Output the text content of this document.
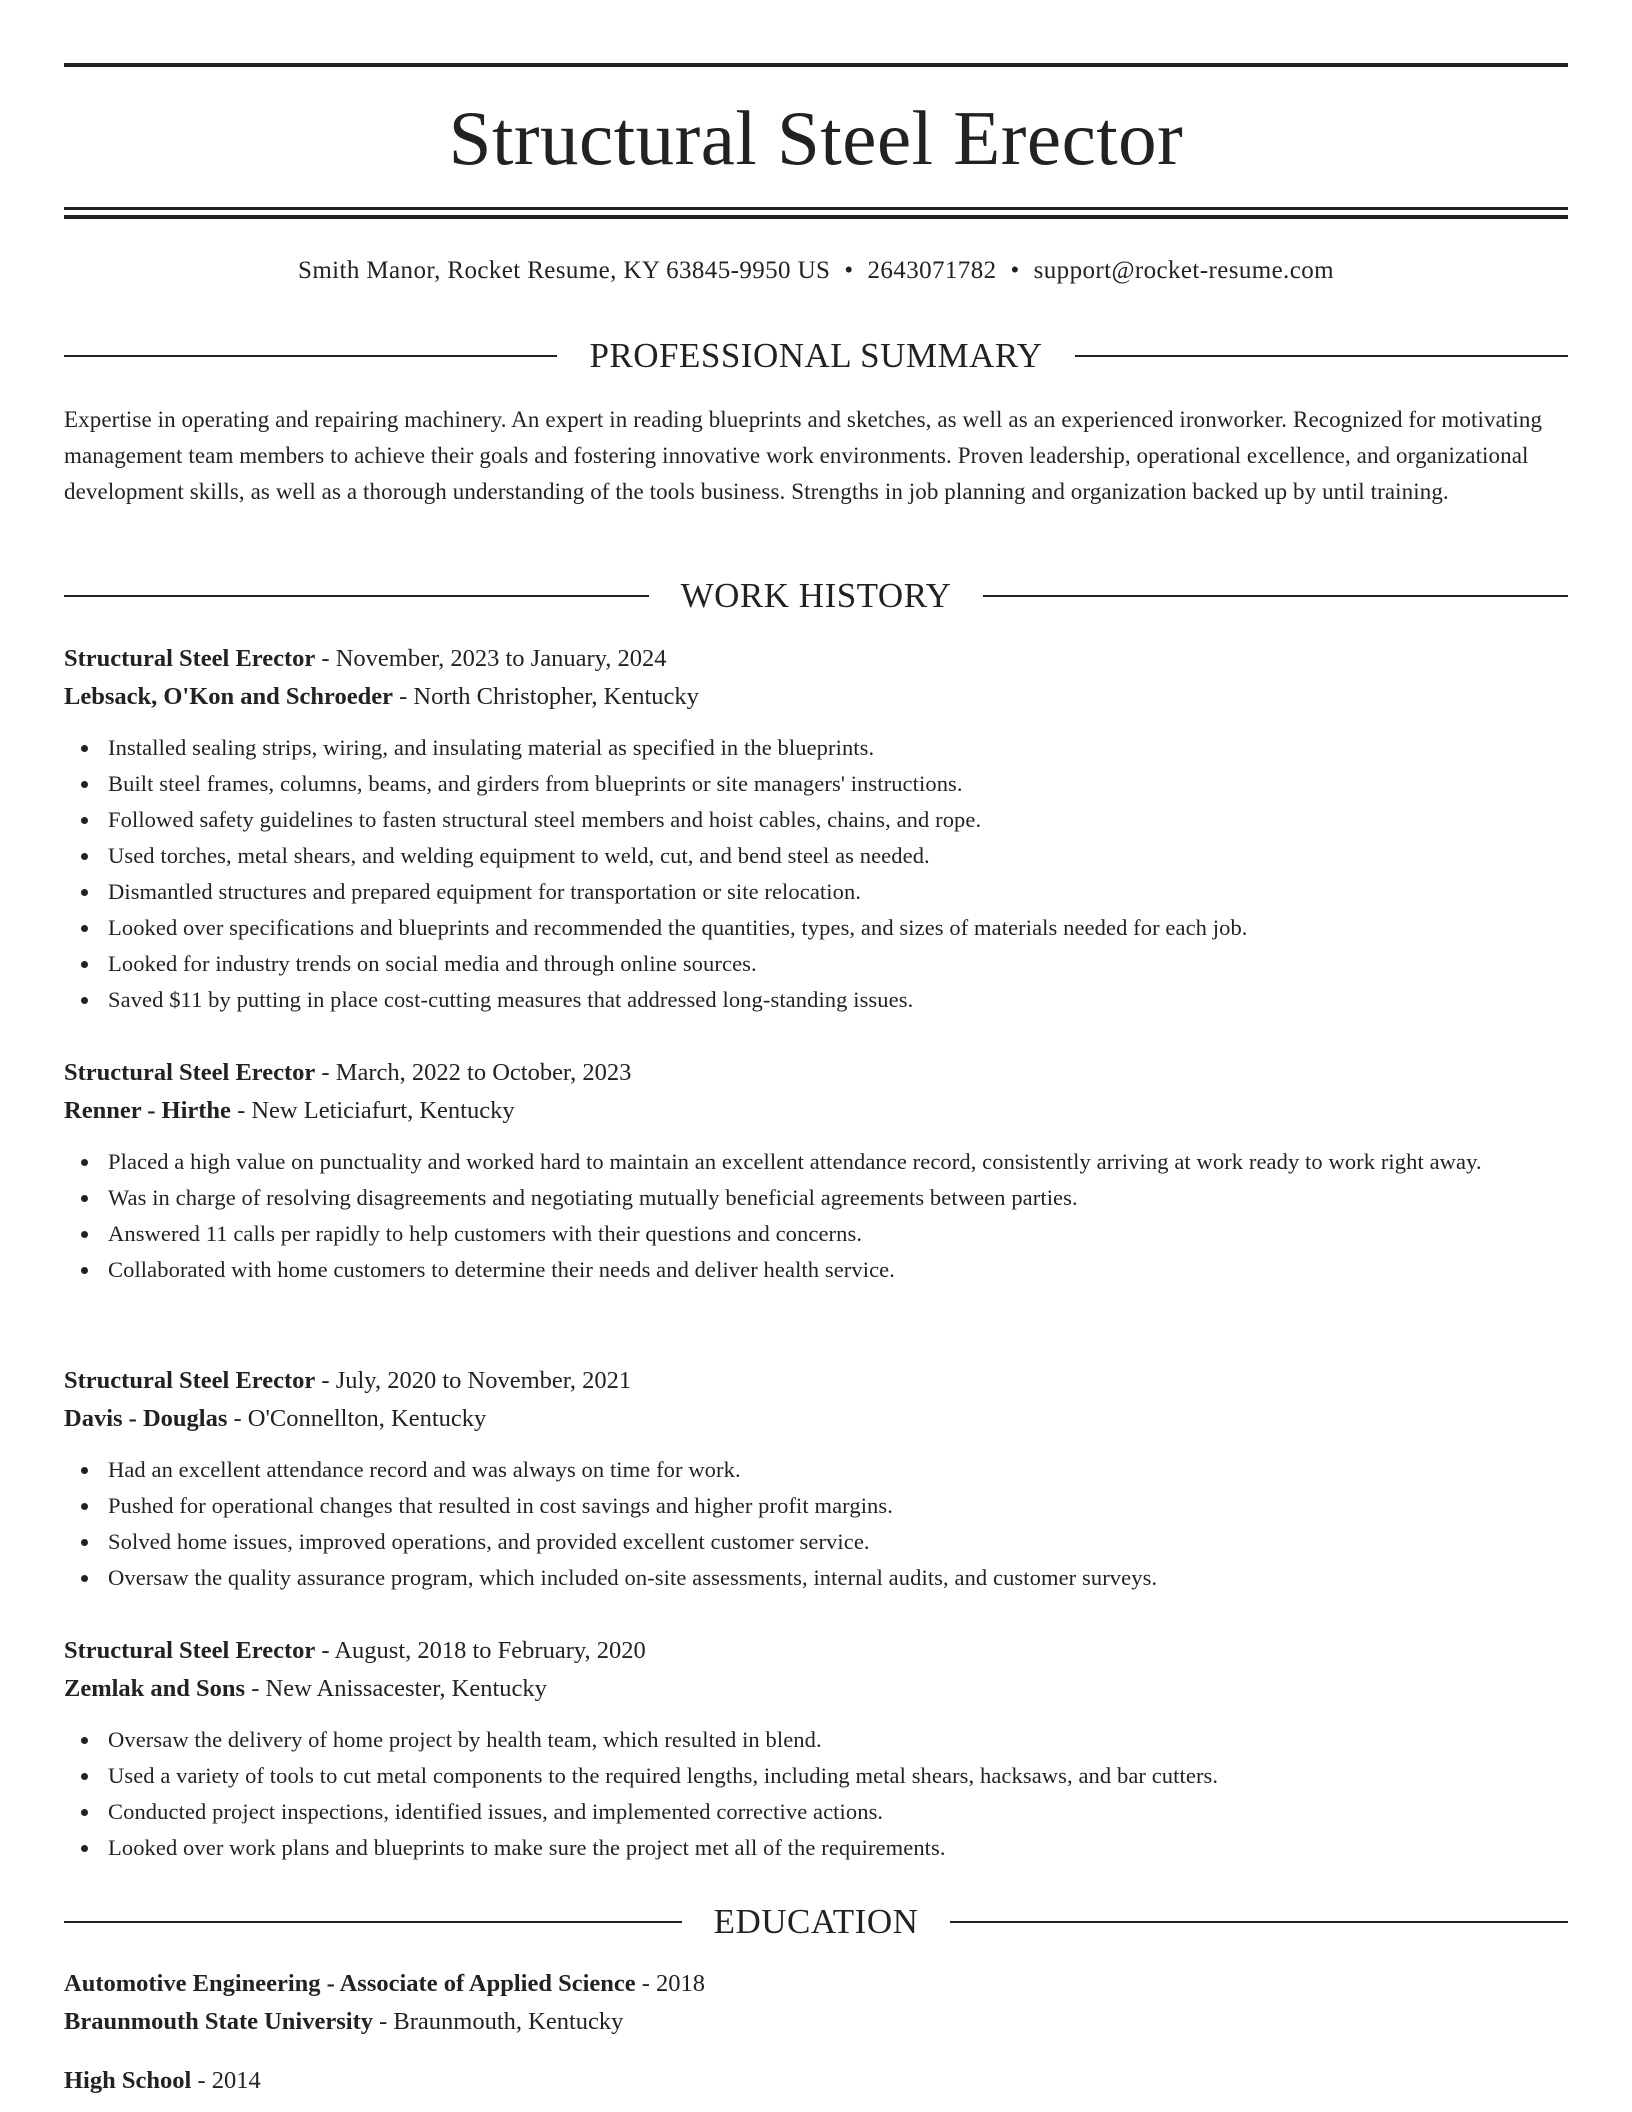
Structural Steel Erector
Smith Manor, Rocket Resume, KY 63845-9950 US • 2643071782 • support@rocket-resume.com
PROFESSIONAL SUMMARY

Expertise in operating and repairing machinery. An expert in reading blueprints and sketches, as well as an experienced ironworker. Recognized for motivating management team members to achieve their goals and fostering innovative work environments. Proven leadership, operational excellence, and organizational development skills, as well as a thorough understanding of the tools business. Strengths in job planning and organization backed up by until training.

WORK HISTORY
Structural Steel Erector - November, 2023 to January, 2024
Lebsack, O'Kon and Schroeder - North Christopher, Kentucky
Installed sealing strips, wiring, and insulating material as specified in the blueprints.
Built steel frames, columns, beams, and girders from blueprints or site managers' instructions.
Followed safety guidelines to fasten structural steel members and hoist cables, chains, and rope.
Used torches, metal shears, and welding equipment to weld, cut, and bend steel as needed.
Dismantled structures and prepared equipment for transportation or site relocation.
Looked over specifications and blueprints and recommended the quantities, types, and sizes of materials needed for each job.
Looked for industry trends on social media and through online sources.
Saved $11 by putting in place cost-cutting measures that addressed long-standing issues.
Structural Steel Erector - March, 2022 to October, 2023
Renner - Hirthe - New Leticiafurt, Kentucky
Placed a high value on punctuality and worked hard to maintain an excellent attendance record, consistently arriving at work ready to work right away.
Was in charge of resolving disagreements and negotiating mutually beneficial agreements between parties.
Answered 11 calls per rapidly to help customers with their questions and concerns.
Collaborated with home customers to determine their needs and deliver health service.
Structural Steel Erector - July, 2020 to November, 2021
Davis - Douglas - O'Connellton, Kentucky
Had an excellent attendance record and was always on time for work.
Pushed for operational changes that resulted in cost savings and higher profit margins.
Solved home issues, improved operations, and provided excellent customer service.
Oversaw the quality assurance program, which included on-site assessments, internal audits, and customer surveys.
Structural Steel Erector - August, 2018 to February, 2020
Zemlak and Sons - New Anissacester, Kentucky
Oversaw the delivery of home project by health team, which resulted in blend.
Used a variety of tools to cut metal components to the required lengths, including metal shears, hacksaws, and bar cutters.
Conducted project inspections, identified issues, and implemented corrective actions.
Looked over work plans and blueprints to make sure the project met all of the requirements.
EDUCATION
Automotive Engineering - Associate of Applied Science - 2018
Braunmouth State University - Braunmouth, Kentucky
High School - 2014
